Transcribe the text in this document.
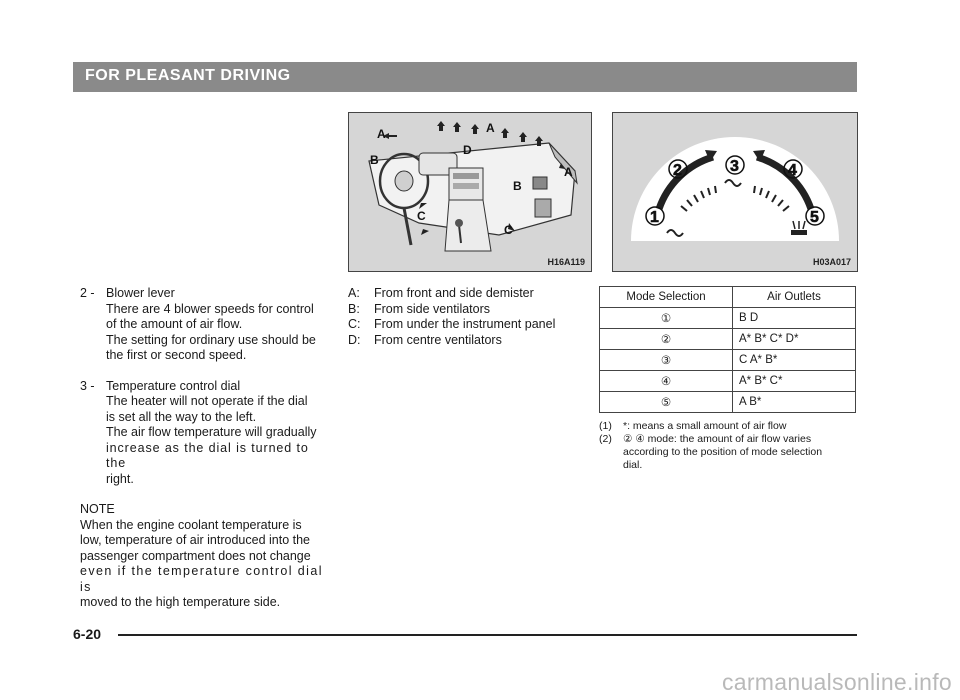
FOR PLEASANT DRIVING
A	A
A
B
B
C
C
D
H16A119
1
2	3	4
5
H03A017
2 - Blower lever
There are 4 blower speeds for control
of the amount of air flow.
The setting for ordinary use should be
the first or second speed.
3 - Temperature control dial
The heater will not operate if the dial
is set all the way to the left.
The air flow temperature will gradually
increase as the dial is turned to the
right.
NOTE
When the engine coolant temperature is
low, temperature of air introduced into the
passenger compartment does not change
even if the temperature control dial is
moved to the high temperature side.
A:	From front and side demister
B:	From side ventilators
C:	From under the instrument panel
D:	From centre ventilators
Mode Selection	Air Outlets
①	B D
②	A* B* C* D*
③	C A* B*
④	A* B* C*
⑤	A B*
(1)	*: means a small amount of air flow
(2)	② ④ mode: the amount of air flow varies
according to the position of mode selection
dial.
6-20
carmanualsonline.info
